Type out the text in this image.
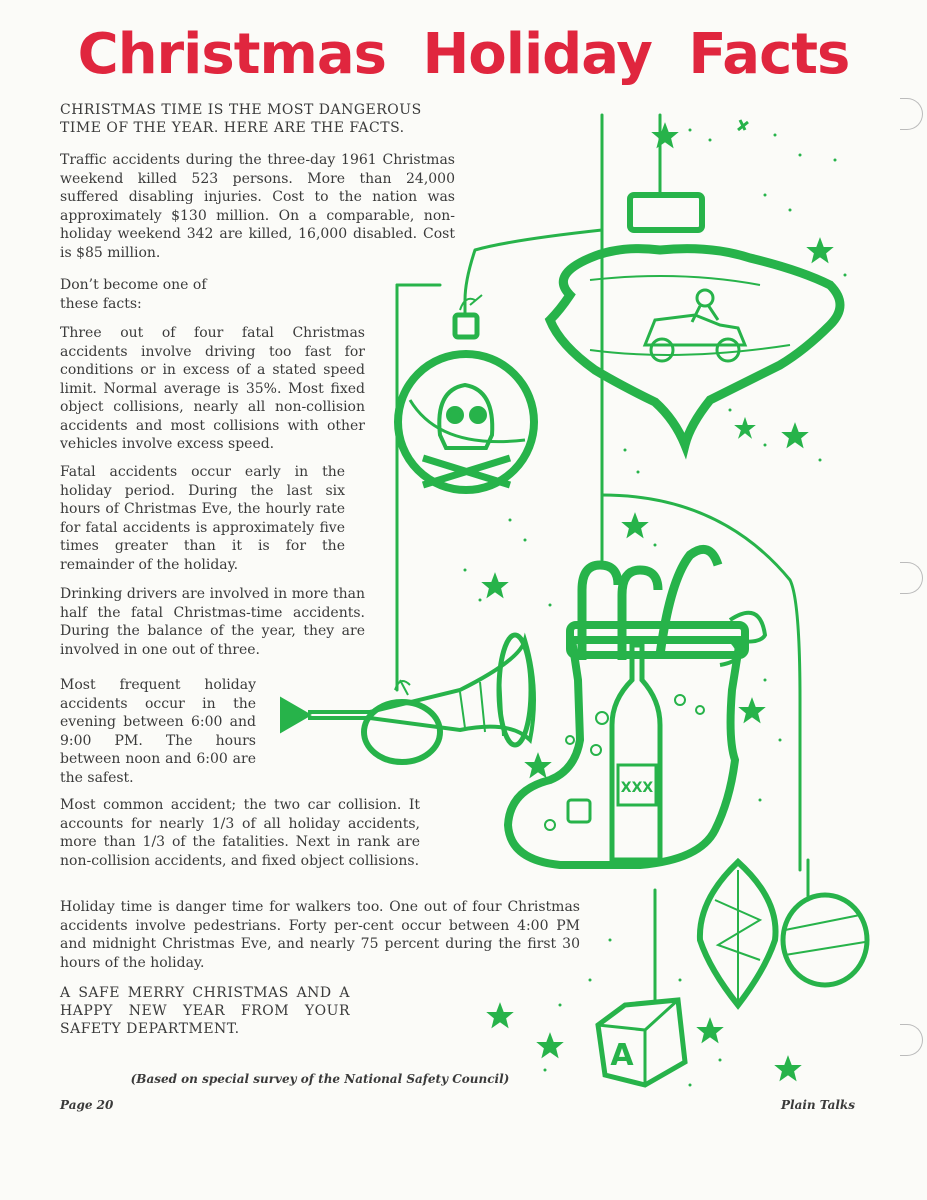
Christmas Holiday Facts

CHRISTMAS TIME IS THE MOST DANGEROUS TIME OF THE YEAR. HERE ARE THE FACTS.

Traffic accidents during the three-day 1961 Christmas weekend killed 523 persons. More than 24,000 suffered disabling injuries. Cost to the nation was approximately $130 million. On a comparable, non-holiday weekend 342 are killed, 16,000 disabled. Cost is $85 million.

Don’t become one of these facts:

Three out of four fatal Christmas accidents involve driving too fast for conditions or in excess of a stated speed limit. Normal average is 35%. Most fixed object collisions, nearly all non-collision accidents and most collisions with other vehicles involve excess speed.

Fatal accidents occur early in the holiday period. During the last six hours of Christmas Eve, the hourly rate for fatal accidents is approximately five times greater than it is for the remainder of the holiday.

Drinking drivers are involved in more than half the fatal Christmas-time accidents. During the balance of the year, they are involved in one out of three.

Most frequent holiday accidents occur in the evening between 6:00 and 9:00 PM. The hours between noon and 6:00 are the safest.

Most common accident; the two car collision. It accounts for nearly 1/3 of all holiday accidents, more than 1/3 of the fatalities. Next in rank are non-collision accidents, and fixed object collisions.

Holiday time is danger time for walkers too. One out of four Christmas accidents involve pedestrians. Forty per-cent occur between 4:00 PM and midnight Christmas Eve, and nearly 75 percent during the first 30 hours of the holiday.

A SAFE MERRY CHRISTMAS AND A HAPPY NEW YEAR FROM YOUR SAFETY DEPARTMENT.

(Based on special survey of the National Safety Council)

Page 20	Plain Talks

XXX
A
